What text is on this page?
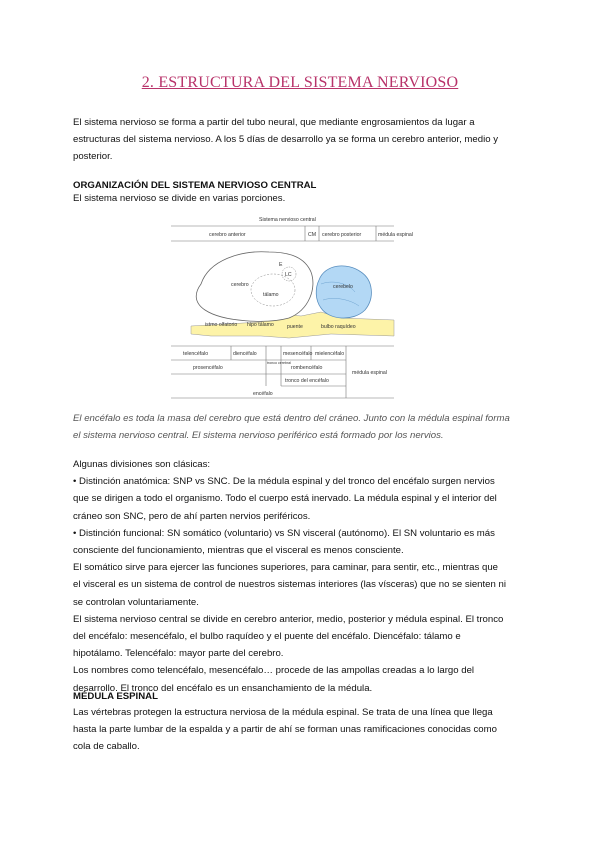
2. ESTRUCTURA DEL SISTEMA NERVIOSO

El sistema nervioso se forma a partir del tubo neural, que mediante engrosamientos da lugar a
estructuras del sistema nervioso. A los 5 días de desarrollo ya se forma un cerebro anterior, medio y
posterior.

ORGANIZACIÓN DEL SISTEMA NERVIOSO CENTRAL

El sistema nervioso se divide en varias porciones.

Sistema nervioso central
cerebro anterior	CM cerebro posterior	médula espinal
cerebro
E
LC
tálamo
cerebelo
istmo olfatorio hipo tálamo	puente	bulbo raquídeo
telencéfalo	diencéfalo	mesencéfalo mielencéfalo
tronco cerebral
prosencéfalo	rombencéfalo
médula espinal
tronco del encéfalo
encéfalo

El encéfalo es toda la masa del cerebro que está dentro del cráneo. Junto con la médula espinal forma
el sistema nervioso central. El sistema nervioso periférico está formado por los nervios.

Algunas divisiones son clásicas:
• Distinción anatómica: SNP vs SNC. De la médula espinal y del tronco del encéfalo surgen nervios
que se dirigen a todo el organismo. Todo el cuerpo está inervado. La médula espinal y el interior del
cráneo son SNC, pero de ahí parten nervios periféricos.
• Distinción funcional: SN somático (voluntario) vs SN visceral (autónomo). El SN voluntario es más
consciente del funcionamiento, mientras que el visceral es menos consciente.
El somático sirve para ejercer las funciones superiores, para caminar, para sentir, etc., mientras que
el visceral es un sistema de control de nuestros sistemas interiores (las vísceras) que no se sienten ni
se controlan voluntariamente.
El sistema nervioso central se divide en cerebro anterior, medio, posterior y médula espinal. El tronco
del encéfalo: mesencéfalo, el bulbo raquídeo y el puente del encéfalo. Diencéfalo: tálamo e
hipotálamo. Telencéfalo: mayor parte del cerebro.
Los nombres como telencéfalo, mesencéfalo… procede de las ampollas creadas a lo largo del
desarrollo. El tronco del encéfalo es un ensanchamiento de la médula.

MÉDULA ESPINAL

Las vértebras protegen la estructura nerviosa de la médula espinal. Se trata de una línea que llega
hasta la parte lumbar de la espalda y a partir de ahí se forman unas ramificaciones conocidas como
cola de caballo.
